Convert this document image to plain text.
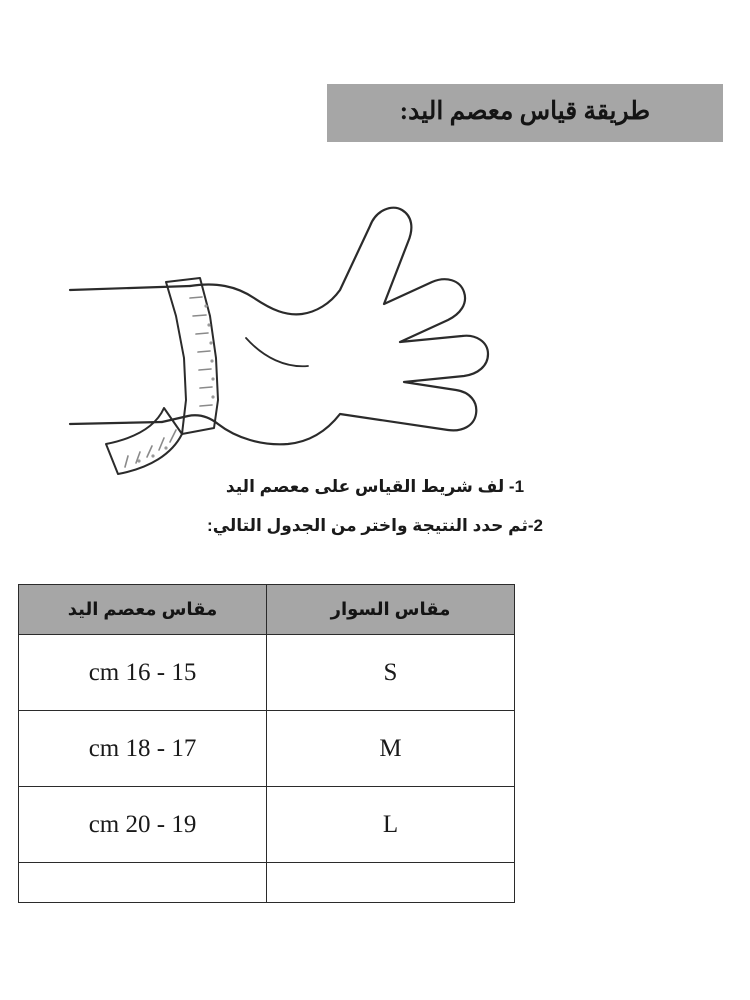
طريقة قياس معصم اليد:

1- لف شريط القياس على معصم اليد

2-ثم حدد النتيجة واختر من الجدول التالي:

مقاس السوار	مقاس معصم اليد
S	15 - 16 cm
M	17 - 18 cm
L	19 - 20 cm
